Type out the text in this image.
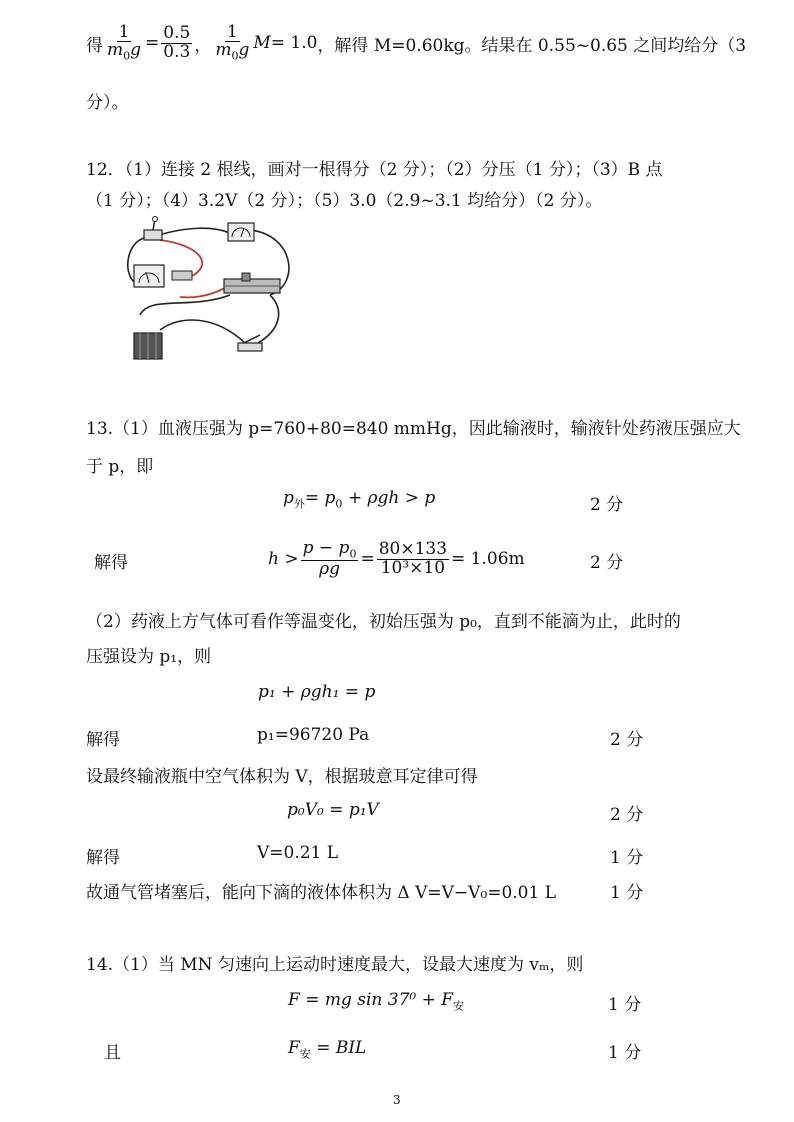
得 $\frac{1}{m_0g} = \frac{0.5}{0.3}$ ， $\frac{1}{m_0g}$ M = 1.0 ，解得 M=0.60kg。结果在 0.55~0.65 之间均给分（3
分）。
12．（1）连接 2 根线，画对一根得分（2 分）；（2）分压（1 分）；（3）B 点
（1 分）；（4）3.2V（2 分）；（5）3.0（2.9~3.1 均给分）（2 分）。
13.（1）血液压强为 p=760+80=840 mmHg，因此输液时，输液针处药液压强应大
于 p，即
$p_外= p_0 + \rho gh > p$	2 分
解得	$h > \frac{p - p_0}{\rho g} = \frac{80\times 133}{\text{10³×10}} = 1.06m$	2 分
（2）药液上方气体可看作等温变化，初始压强为 p₀，直到不能滴为止，此时的
压强设为 p₁，则
p₁ + ρgh₁ = p
解得	p₁=96720 Pa	2 分
设最终输液瓶中空气体积为 V，根据玻意耳定律可得
p₀V₀ = p₁V	2 分
解得	V=0.21 L	1 分
故通气管堵塞后，能向下滴的液体体积为 Δ V=V−V₀=0.01 L	1 分
14.（1）当 MN 匀速向上运动时速度最大，设最大速度为 vₘ，则
F = mg $\sin 37^0 + F_安$	1 分
且	$F_安$ = BIL	1 分
3
